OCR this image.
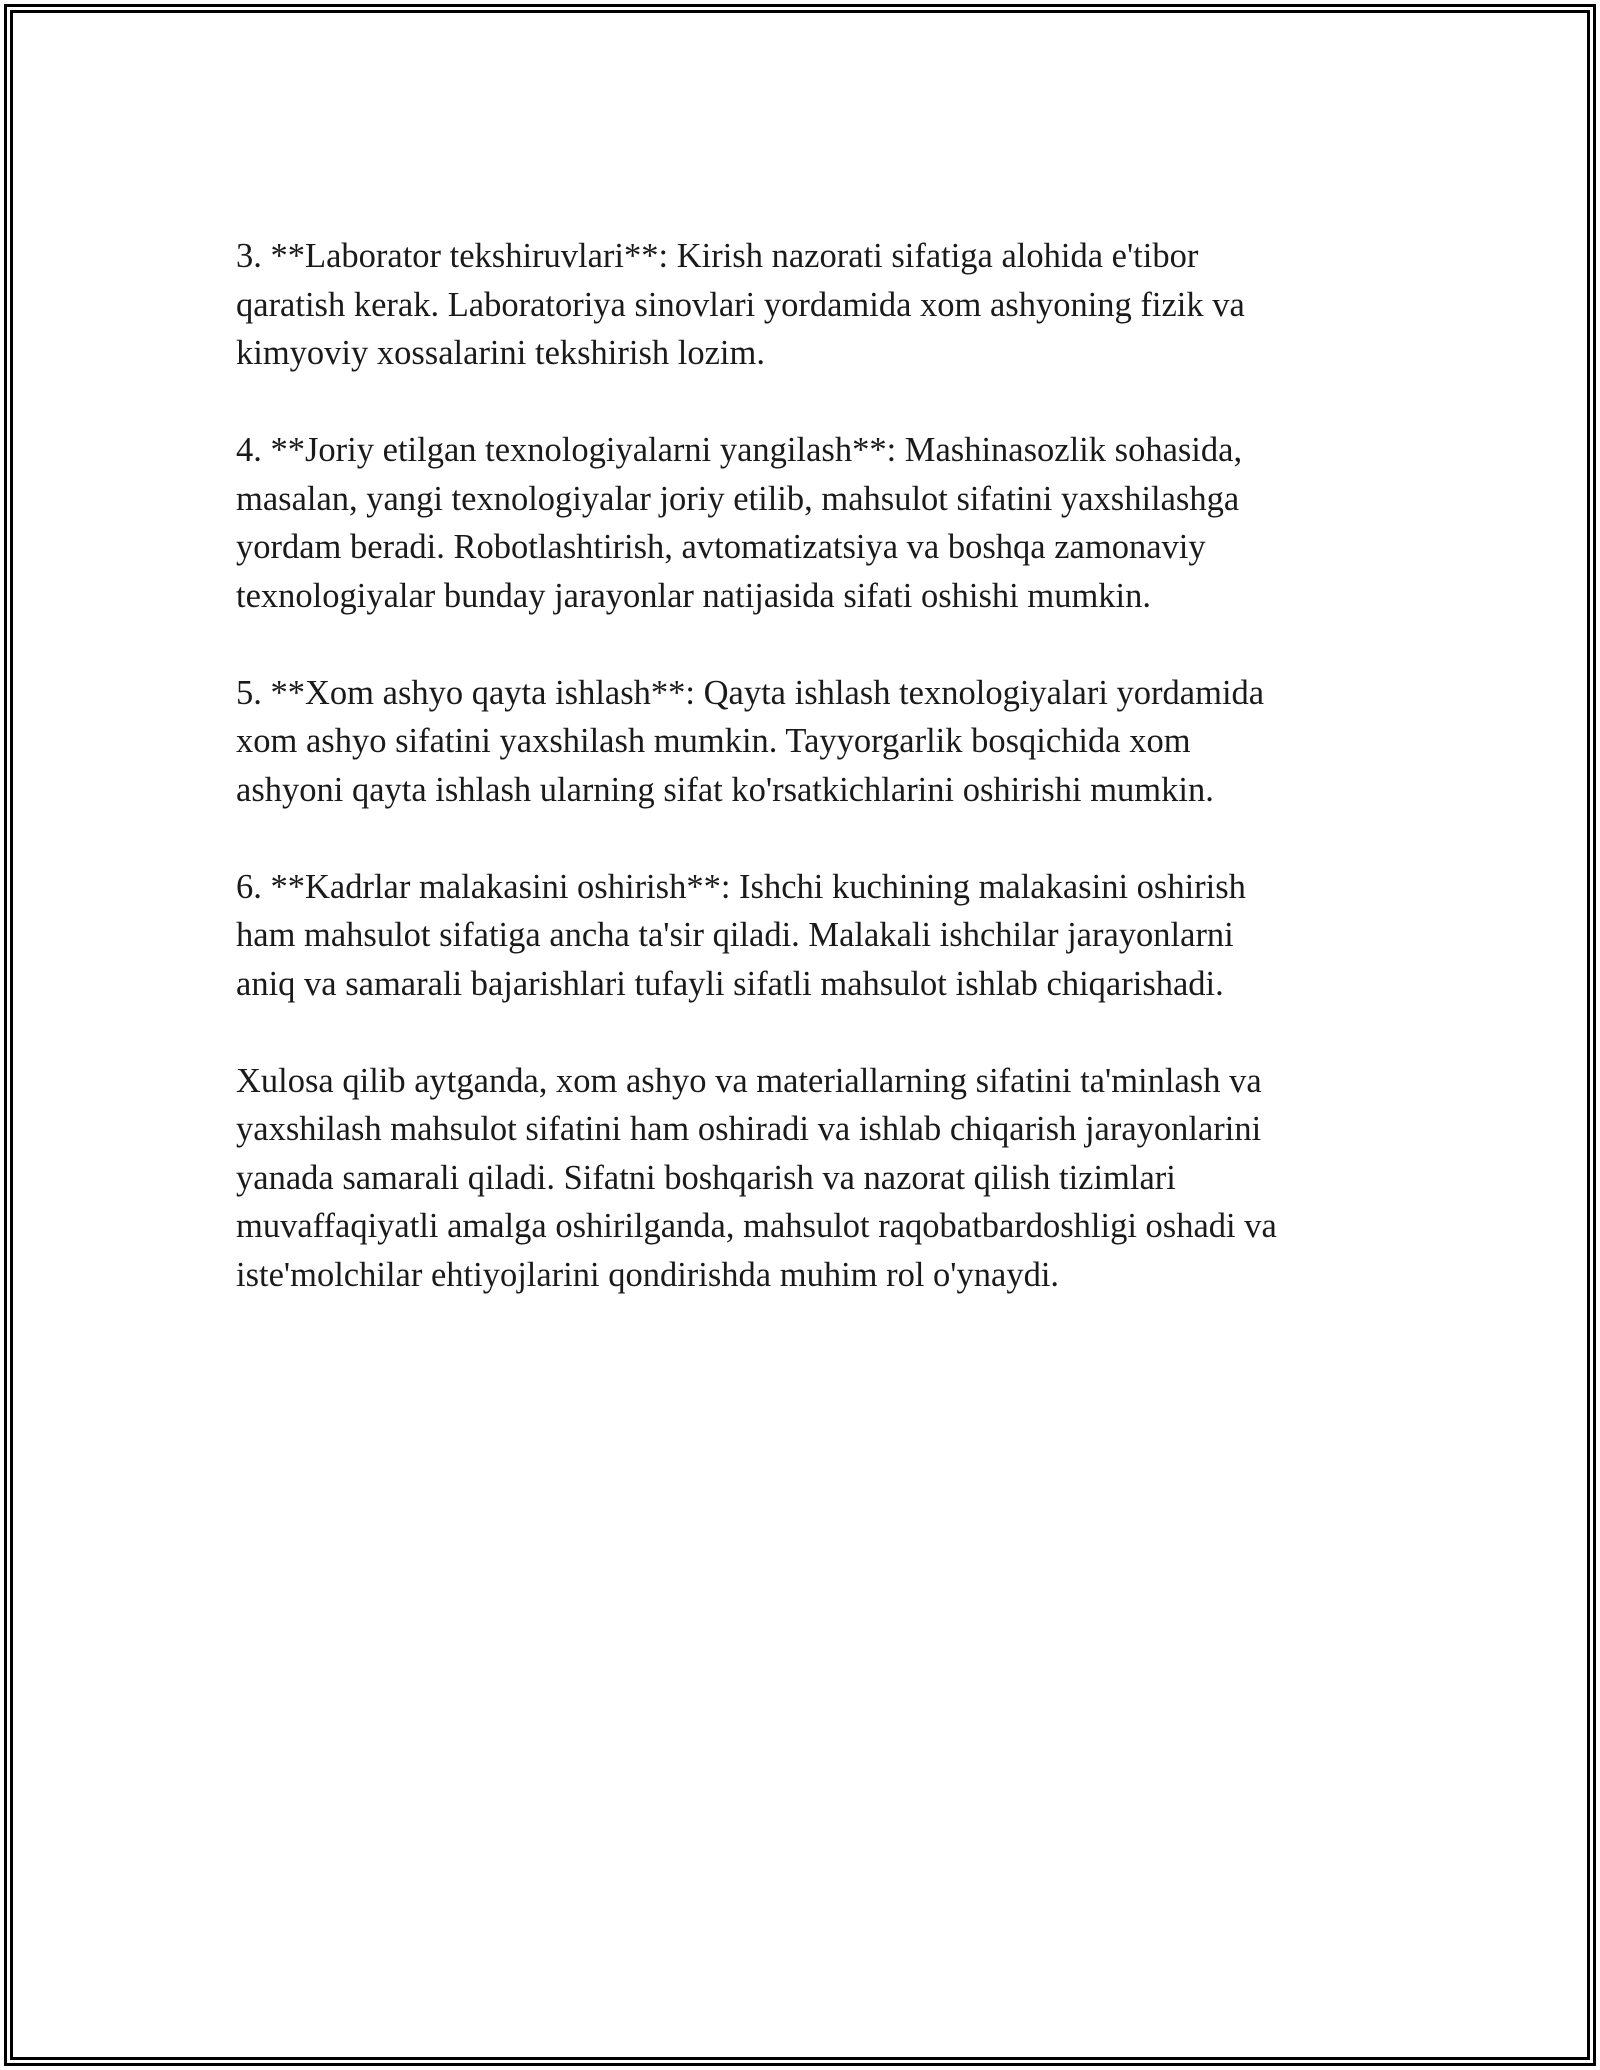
3. **Laborator tekshiruvlari**: Kirish nazorati sifatiga alohida e'tibor
qaratish kerak. Laboratoriya sinovlari yordamida xom ashyoning fizik va
kimyoviy xossalarini tekshirish lozim.

4. **Joriy etilgan texnologiyalarni yangilash**: Mashinasozlik sohasida,
masalan, yangi texnologiyalar joriy etilib, mahsulot sifatini yaxshilashga
yordam beradi. Robotlashtirish, avtomatizatsiya va boshqa zamonaviy
texnologiyalar bunday jarayonlar natijasida sifati oshishi mumkin.

5. **Xom ashyo qayta ishlash**: Qayta ishlash texnologiyalari yordamida
xom ashyo sifatini yaxshilash mumkin. Tayyorgarlik bosqichida xom
ashyoni qayta ishlash ularning sifat ko'rsatkichlarini oshirishi mumkin.

6. **Kadrlar malakasini oshirish**: Ishchi kuchining malakasini oshirish
ham mahsulot sifatiga ancha ta'sir qiladi. Malakali ishchilar jarayonlarni
aniq va samarali bajarishlari tufayli sifatli mahsulot ishlab chiqarishadi.

Xulosa qilib aytganda, xom ashyo va materiallarning sifatini ta'minlash va
yaxshilash mahsulot sifatini ham oshiradi va ishlab chiqarish jarayonlarini
yanada samarali qiladi. Sifatni boshqarish va nazorat qilish tizimlari
muvaffaqiyatli amalga oshirilganda, mahsulot raqobatbardoshligi oshadi va
iste'molchilar ehtiyojlarini qondirishda muhim rol o'ynaydi.
